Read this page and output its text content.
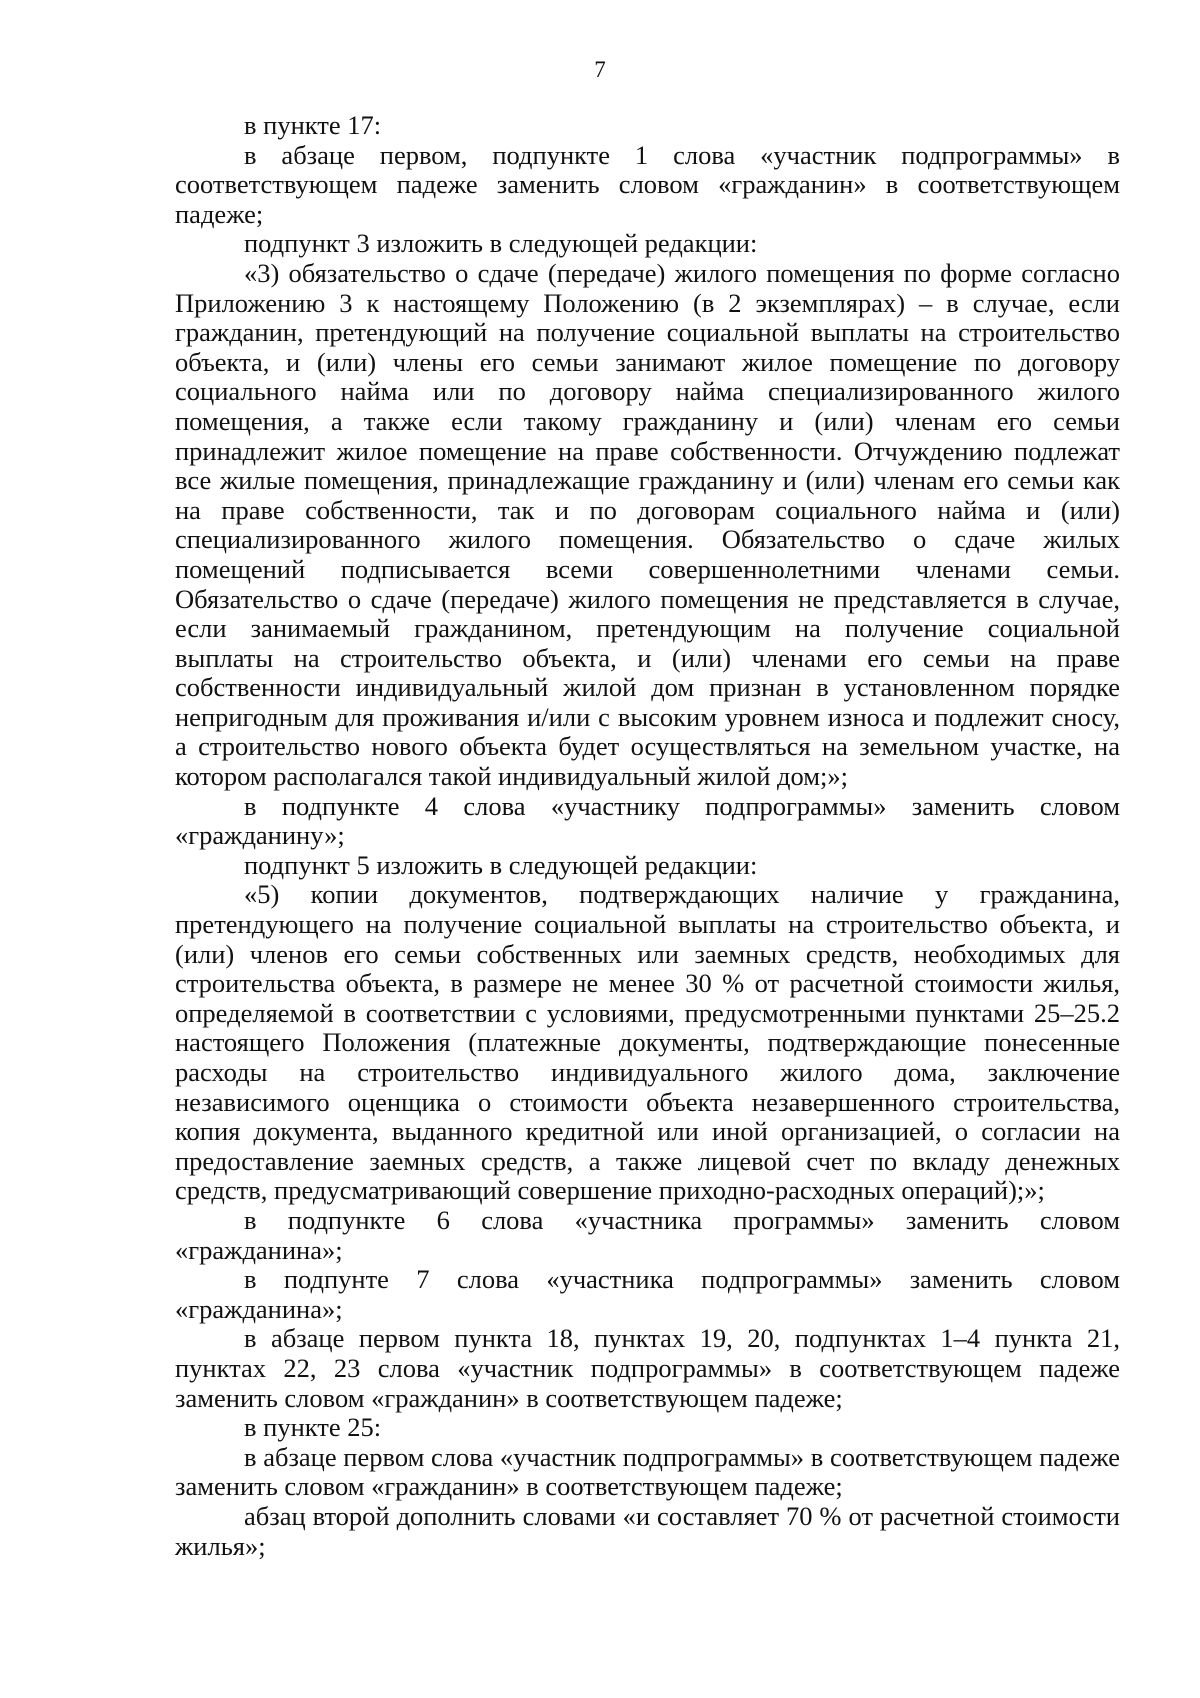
7

в пункте 17:

в абзаце первом, подпункте 1 слова «участник подпрограммы» в соответствующем падеже заменить словом «гражданин» в соответствующем падеже;

подпункт 3 изложить в следующей редакции:

«3) обязательство о сдаче (передаче) жилого помещения по форме согласно Приложению 3 к настоящему Положению (в 2 экземплярах) – в случае, если гражданин, претендующий на получение социальной выплаты на строительство объекта, и (или) члены его семьи занимают жилое помещение по договору социального найма или по договору найма специализированного жилого помещения, а также если такому гражданину и (или) членам его семьи принадлежит жилое помещение на праве собственности. Отчуждению подлежат все жилые помещения, принадлежащие гражданину и (или) членам его семьи как на праве собственности, так и по договорам социального найма и (или) специализированного жилого помещения. Обязательство о сдаче жилых помещений подписывается всеми совершеннолетними членами семьи. Обязательство о сдаче (передаче) жилого помещения не представляется в случае, если занимаемый гражданином, претендующим на получение социальной выплаты на строительство объекта, и (или) членами его семьи на праве собственности индивидуальный жилой дом признан в установленном порядке непригодным для проживания и/или с высоким уровнем износа и подлежит сносу, а строительство нового объекта будет осуществляться на земельном участке, на котором располагался такой индивидуальный жилой дом;»;

в подпункте 4 слова «участнику подпрограммы» заменить словом «гражданину»;

подпункт 5 изложить в следующей редакции:

«5) копии документов, подтверждающих наличие у гражданина, претендующего на получение социальной выплаты на строительство объекта, и (или) членов его семьи собственных или заемных средств, необходимых для строительства объекта, в размере не менее 30 % от расчетной стоимости жилья, определяемой в соответствии с условиями, предусмотренными пунктами 25–25.2 настоящего Положения (платежные документы, подтверждающие понесенные расходы на строительство индивидуального жилого дома, заключение независимого оценщика о стоимости объекта незавершенного строительства, копия документа, выданного кредитной или иной организацией, о согласии на предоставление заемных средств, а также лицевой счет по вкладу денежных средств, предусматривающий совершение приходно-расходных операций);»;

в подпункте 6 слова «участника программы» заменить словом «гражданина»;

в подпунте 7 слова «участника подпрограммы» заменить словом «гражданина»;

в абзаце первом пункта 18, пунктах 19, 20, подпунктах 1–4 пункта 21, пунктах 22, 23 слова «участник подпрограммы» в соответствующем падеже заменить словом «гражданин» в соответствующем падеже;

в пункте 25:

в абзаце первом слова «участник подпрограммы» в соответствующем падеже заменить словом «гражданин» в соответствующем падеже;

абзац второй дополнить словами «и составляет 70 % от расчетной стоимости жилья»;
